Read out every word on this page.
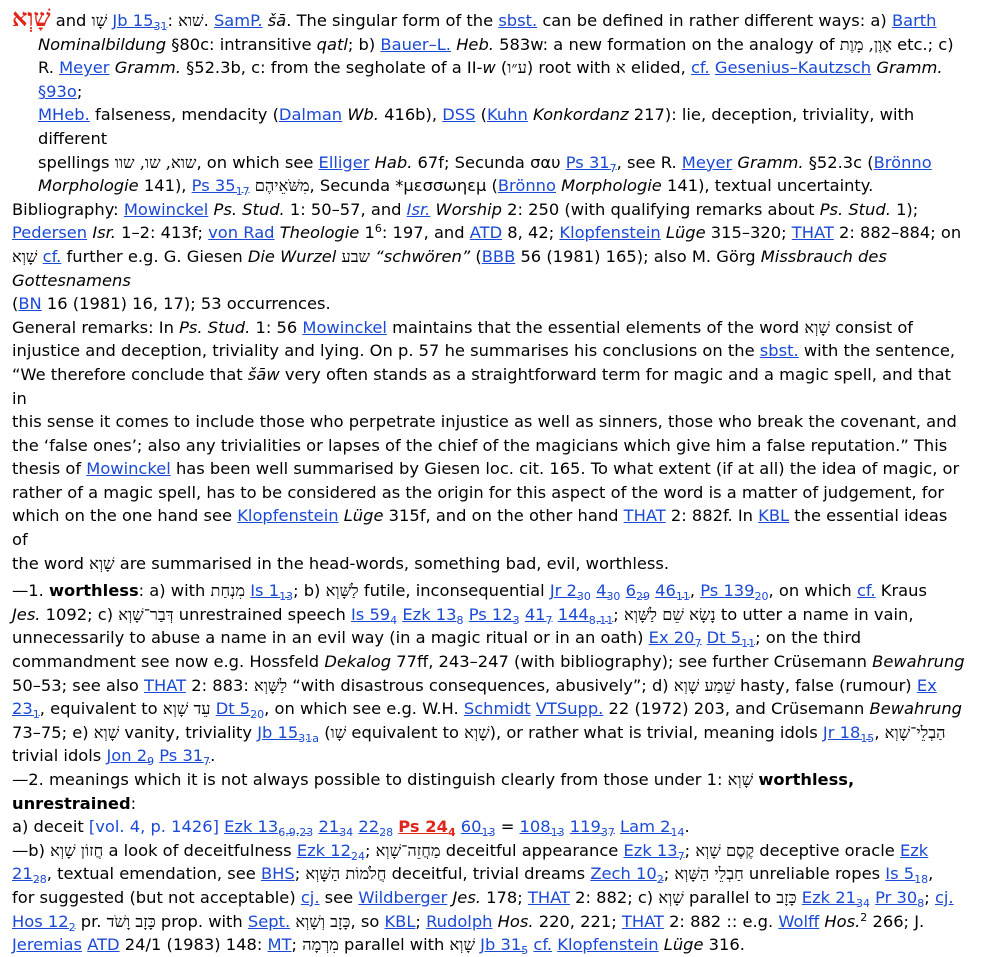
שָׁוְא and שָׁו Jb $15_{31}$: שׁוא. SamP. šā. The singular form of the sbst. can be defined in rather different ways: a) Barth
Nominalbildung §80c: intransitive qatl; b) Bauer–L. Heb. 583w: a new formation on the analogy of אָוֶן, מָוֶת etc.; c) R. Meyer Gramm. §52.3b, c: from the segholate of a II-w (ע״ו) root with א elided, cf. Gesenius–Kautzsch Gramm. §93o;
MHeb. falseness, mendacity (Dalman Wb. 416b), DSS (Kuhn Konkordanz 217): lie, deception, triviality, with different
spellings שוא, שו, שוו, on which see Elliger Hab. 67f; Secunda σαυ Ps $31_7$, see R. Meyer Gramm. §52.3c (Brönno
Morphologie 141), Ps $35_{17}$ מִשֹּׁאֵיהֶם, Secunda *μεσσωηεμ (Brönno Morphologie 141), textual uncertainty.
Bibliography: Mowinckel Ps. Stud. 1: 50–57, and Isr. Worship 2: 250 (with qualifying remarks about Ps. Stud. 1);
Pedersen Isr. 1–2: 413f; von Rad Theologie $1^6$: 197, and ATD 8, 42; Klopfenstein Lüge 315–320; THAT 2: 882–884; on
שָׁוְא cf. further e.g. G. Giesen Die Wurzel שבע “schwören” (BBB 56 (1981) 165); also M. Görg Missbrauch des Gottesnamens
(BN 16 (1981) 16, 17); 53 occurrences.
General remarks: In Ps. Stud. 1: 56 Mowinckel maintains that the essential elements of the word שָׁוְא consist of
injustice and deception, triviality and lying. On p. 57 he summarises his conclusions on the sbst. with the sentence,
“We therefore conclude that šāw very often stands as a straightforward term for magic and a magic spell, and that in
this sense it comes to include those who perpetrate injustice as well as sinners, those who break the covenant, and
the ‘false ones’; also any trivialities or lapses of the chief of the magicians which give him a false reputation.” This
thesis of Mowinckel has been well summarised by Giesen loc. cit. 165. To what extent (if at all) the idea of magic, or
rather of a magic spell, has to be considered as the origin for this aspect of the word is a matter of judgement, for
which on the one hand see Klopfenstein Lüge 315f, and on the other hand THAT 2: 882f. In KBL the essential ideas of
the word שָׁוְא are summarised in the head-words, something bad, evil, worthless.
—1. worthless: a) with מִנְחַת Is $1_{13}$; b) לַשָּׁוְא futile, inconsequential Jr $2_{30}$ $4_{30}$ $6_{29}$ $46_{11}$, Ps $139_{20}$, on which cf. Kraus
Jes. 1092; c) דְּבַר־שָׁוְא unrestrained speech Is $59_4$ Ezk $13_8$ Ps $12_3$ $41_7$ $144_{8.11}$; נָשָׂא שֵׁם לַשָּׁוְא to utter a name in vain,
unnecessarily to abuse a name in an evil way (in a magic ritual or in an oath) Ex $20_7$ Dt $5_{11}$; on the third
commandment see now e.g. Hossfeld Dekalog 77ff, 243–247 (with bibliography); see further Crüsemann Bewahrung
50–53; see also THAT 2: 883: לַשָּׁוְא “with disastrous consequences, abusively”; d) שֵׁמַע שָׁוְא hasty, false (rumour) Ex
$23_1$, equivalent to עֵד שָׁוְא Dt $5_{20}$, on which see e.g. W.H. Schmidt VTSupp. 22 (1972) 203, and Crüsemann Bewahrung
73–75; e) שָׁוְא vanity, triviality Jb $15_{31a}$ (שָׁו equivalent to שָׁוְא), or rather what is trivial, meaning idols Jr $18_{15}$, הַבְלֵי־שָׁוְא
trivial idols Jon $2_9$ Ps $31_7$.
—2. meanings which it is not always possible to distinguish clearly from those under 1: שָׁוְא worthless, unrestrained:
a) deceit [vol. 4, p. 1426] Ezk $13_{6.9.23}$ $21_{34}$ $22_{28}$ Ps $24_4$ $60_{13} = 108_{13}$ $119_{37}$ Lam $2_{14}$.
—b) חֲזוֹן שָׁוְא a look of deceitfulness Ezk $12_{24}$; מַחֲזֵה־שָׁוְא deceitful appearance Ezk $13_7$; קֶסֶם שָׁוְא deceptive oracle Ezk
$21_{28}$, textual emendation, see BHS; חֲלֹמוֹת הַשָּׁוְא deceitful, trivial dreams Zech $10_2$; חַבְלֵי הַשָּׁוְא unreliable ropes Is $5_{18}$,
for suggested (but not acceptable) cj. see Wildberger Jes. 178; THAT 2: 882; c) שָׁוְא parallel to כָּזָב Ezk $21_{34}$ Pr $30_8$; cj.
Hos $12_2$ pr. כָּזָב וָשֹׁד prop. with Sept. כָּזָב וְשָׁוְא, so KBL; Rudolph Hos. 220, 221; THAT 2: 882 :: e.g. Wolff Hos.$^2$ 266; J.
Jeremias ATD 24/1 (1983) 148: MT; מִרְמָה parallel with שָׁוְא Jb $31_5$ cf. Klopfenstein Lüge 316.
